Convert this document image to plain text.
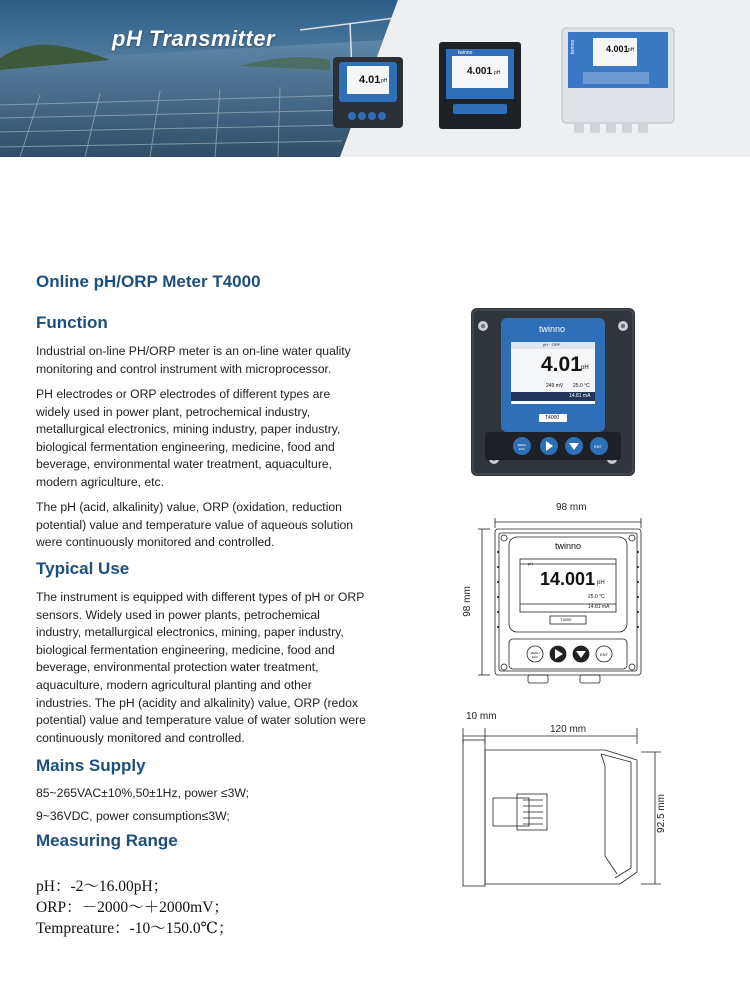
pH Transmitter
4.01 pH
4.001 pH
twinno	4.001 pH
twinno
Online pH/ORP Meter T4000
Function
Industrial on-line PH/ORP meter is an on-line water quality monitoring and control instrument with microprocessor.
PH electrodes or ORP electrodes of different types are widely used in power plant, petrochemical industry, metallurgical electronics, mining industry, paper industry, biological fermentation engineering, medicine, food and beverage, environmental water treatment, aquaculture, modern agriculture, etc.
The pH (acid, alkalinity) value, ORP (oxidation, reduction potential) value and temperature value of aqueous solution were continuously monitored and controlled.
Typical Use
The instrument is equipped with different types of pH or ORP sensors. Widely used in power plants, petrochemical industry, metallurgical electronics, mining, paper industry, biological fermentation engineering, medicine, food and beverage, environmental protection water treatment, aquaculture, modern agricultural planting and other industries. The pH (acidity and alkalinity) value, ORP (redox potential) value and temperature value of water solution were continuously monitored and controlled.
Mains Supply
85~265VAC±10%,50±1Hz, power ≤3W;
9~36VDC, power consumption≤3W;
Measuring Range
pH：-2～16.00pH；
ORP：－2000～＋2000mV；
Tempreature：-10～150.0℃；
twinno
pH · ORP
4.01 pH
249 mV 25.0 °C
14.81 mA
T4000
MENU ESC	ENT
98 mm
98 mm
twinno
pH
14.001 pH
25.0 °C
14.81 mA
T4000
MENU ESC	ENT
10 mm
120 mm
92.5 mm
